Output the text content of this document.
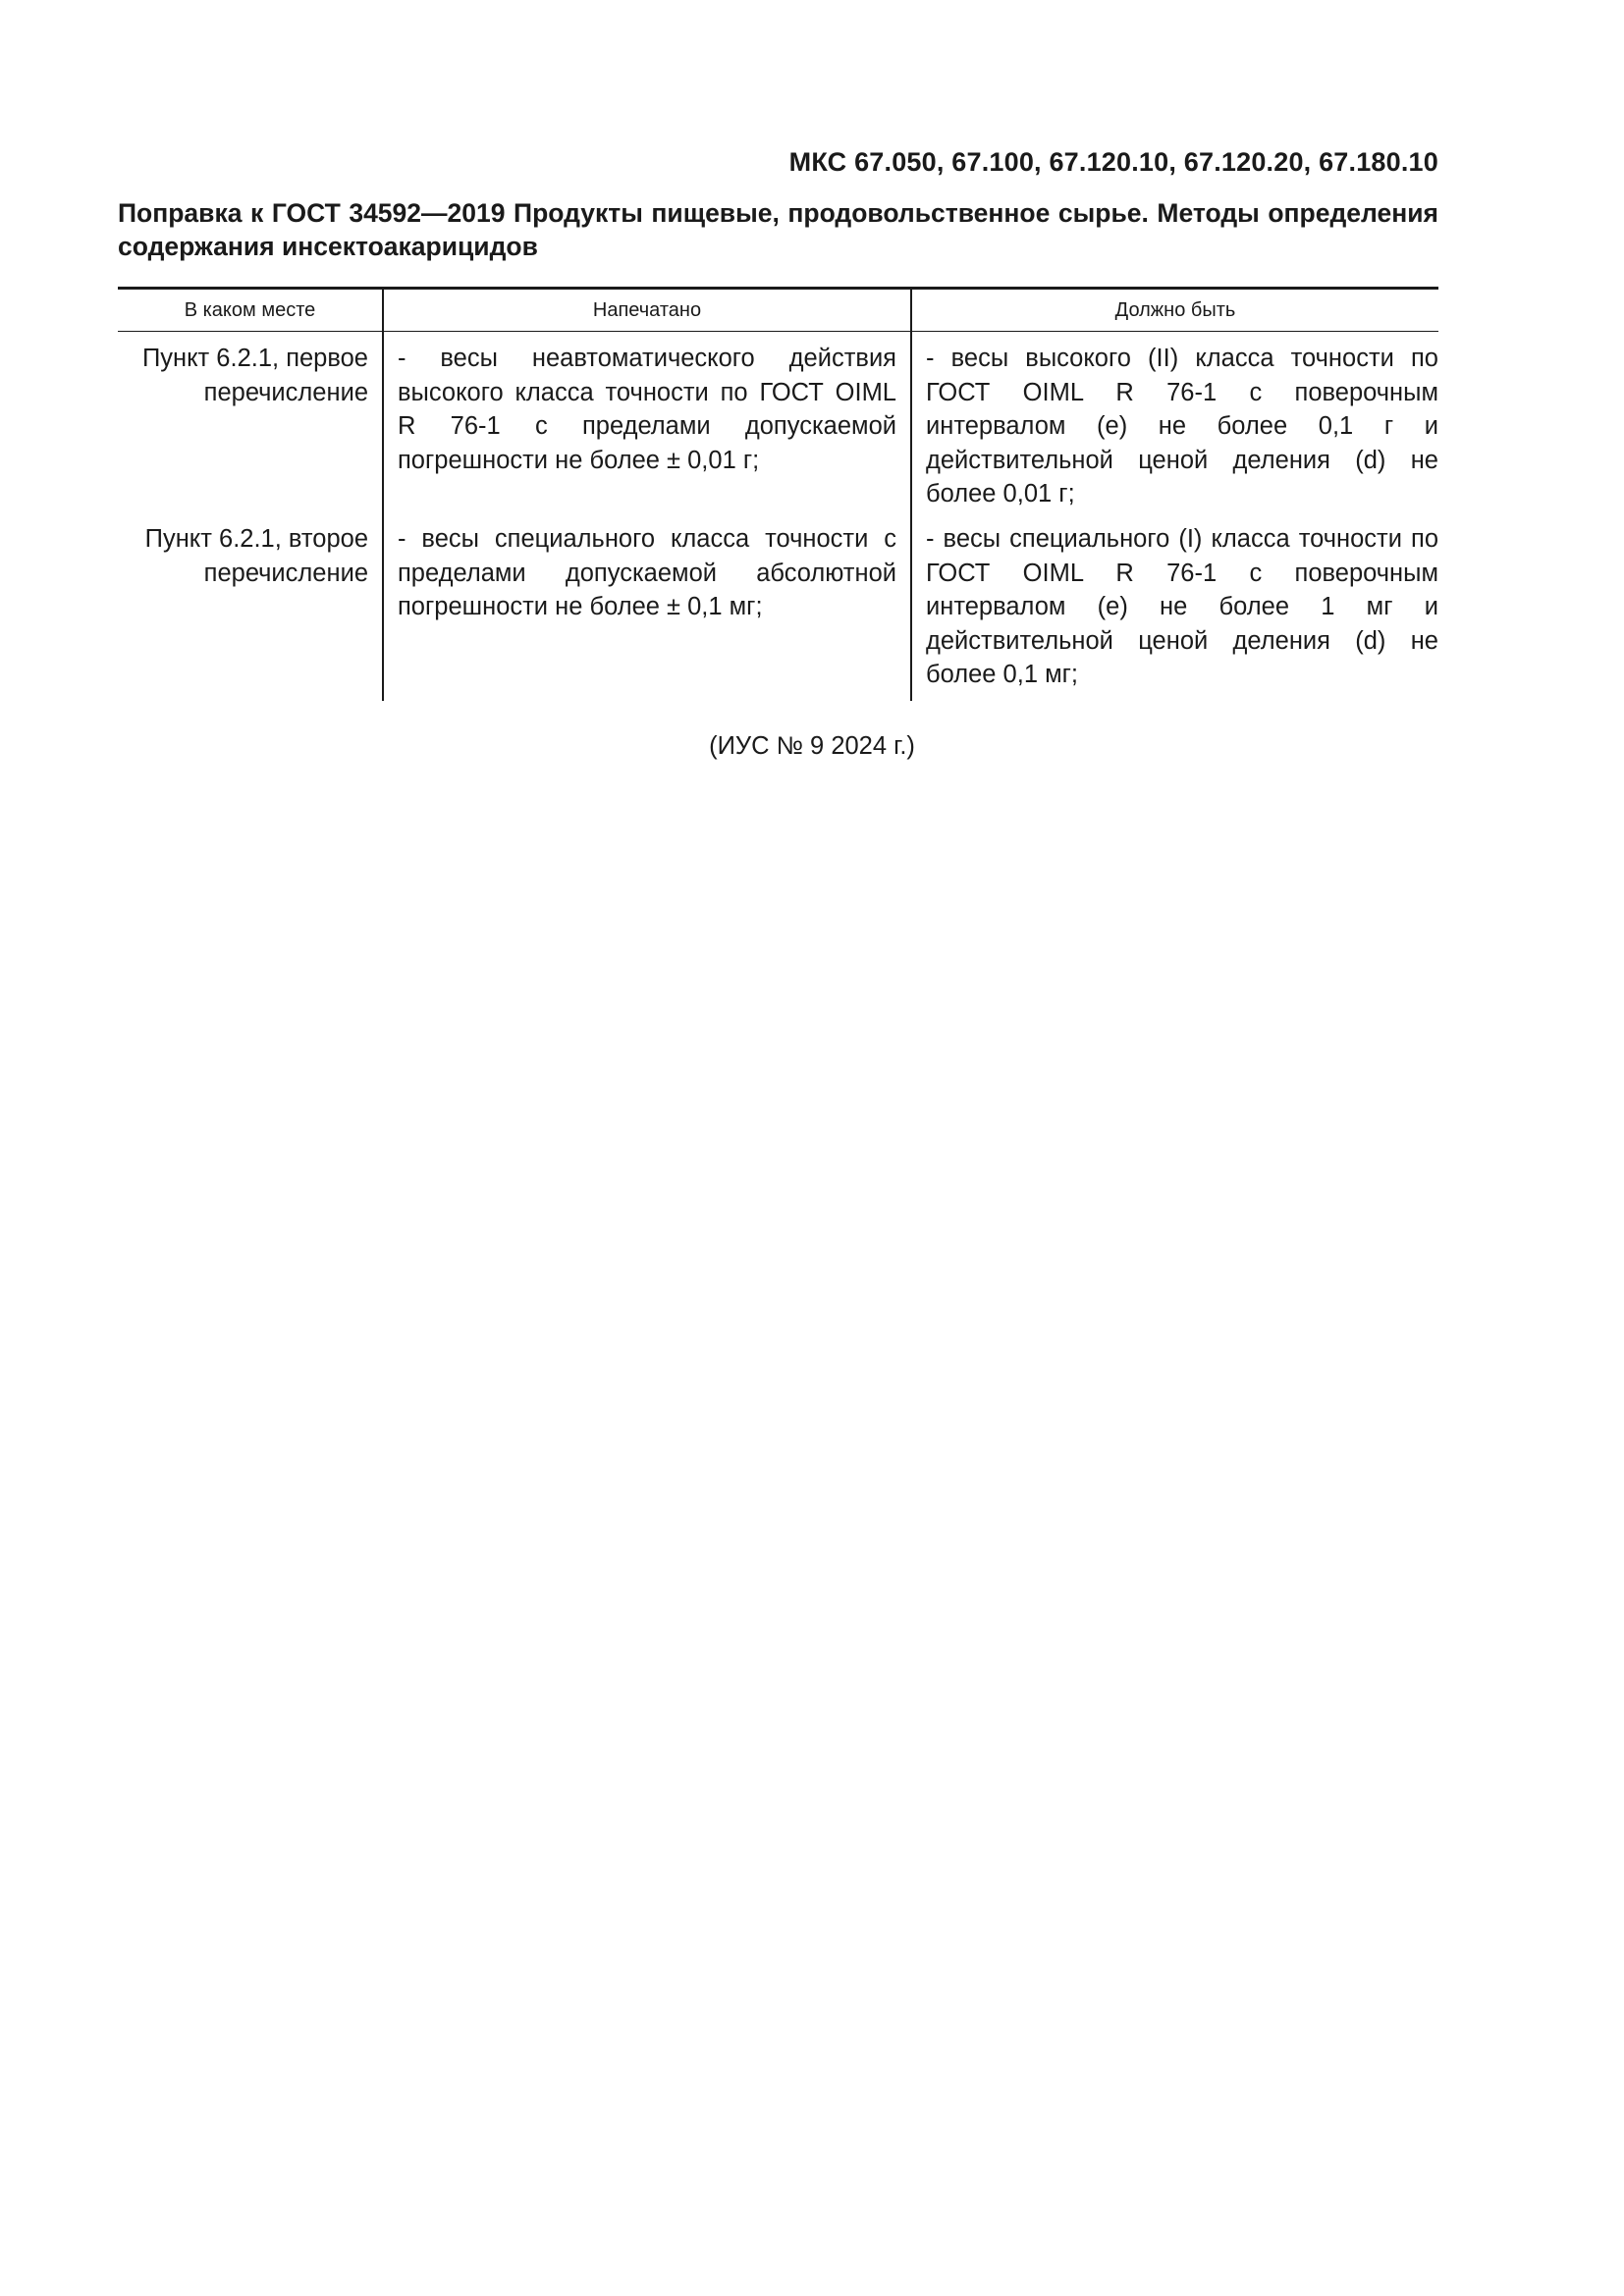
МКС 67.050, 67.100, 67.120.10, 67.120.20, 67.180.10
Поправка к ГОСТ 34592—2019 Продукты пищевые, продовольственное сырье. Методы определения содержания инсектоакарицидов
В каком месте	Напечатано	Должно быть
Пункт 6.2.1, первое перечисление
- весы неавтоматического действия высокого класса точности по ГОСТ OIML R 76-1 с пределами допускаемой погрешности не более ± 0,01 г;
- весы высокого (II) класса точности по ГОСТ OIML R 76-1 с поверочным интервалом (e) не более 0,1 г и действительной ценой деления (d) не более 0,01 г;
Пункт 6.2.1, второе перечисление
- весы специального класса точности с пределами допускаемой абсолютной погрешности не более ± 0,1 мг;
- весы специального (I) класса точности по ГОСТ OIML R 76-1 с поверочным интервалом (e) не более 1 мг и действительной ценой деления (d) не более 0,1 мг;
(ИУС № 9 2024 г.)
